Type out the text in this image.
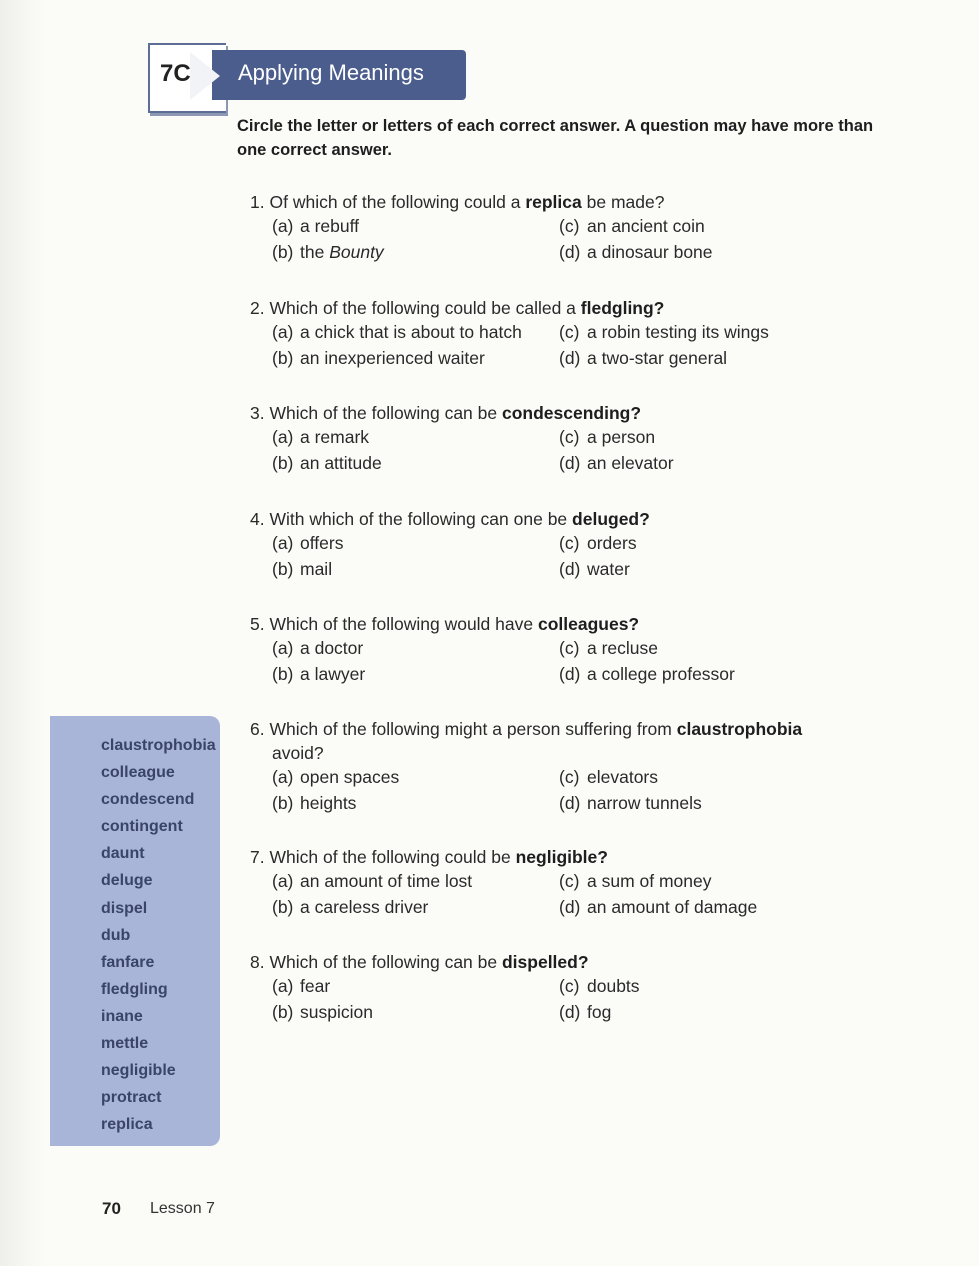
7C Applying Meanings
Circle the letter or letters of each correct answer. A question may have more than one correct answer.
1. Of which of the following could a replica be made?
(a) a rebuff
(b) the Bounty
(c) an ancient coin
(d) a dinosaur bone
2. Which of the following could be called a fledgling?
(a) a chick that is about to hatch
(b) an inexperienced waiter
(c) a robin testing its wings
(d) a two-star general
3. Which of the following can be condescending?
(a) a remark
(b) an attitude
(c) a person
(d) an elevator
4. With which of the following can one be deluged?
(a) offers
(b) mail
(c) orders
(d) water
5. Which of the following would have colleagues?
(a) a doctor
(b) a lawyer
(c) a recluse
(d) a college professor
6. Which of the following might a person suffering from claustrophobia
avoid?
(a) open spaces
(b) heights
(c) elevators
(d) narrow tunnels
7. Which of the following could be negligible?
(a) an amount of time lost
(b) a careless driver
(c) a sum of money
(d) an amount of damage
8. Which of the following can be dispelled?
(a) fear
(b) suspicion
(c) doubts
(d) fog
claustrophobia
colleague
condescend
contingent
daunt
deluge
dispel
dub
fanfare
fledgling
inane
mettle
negligible
protract
replica
70 Lesson 7
